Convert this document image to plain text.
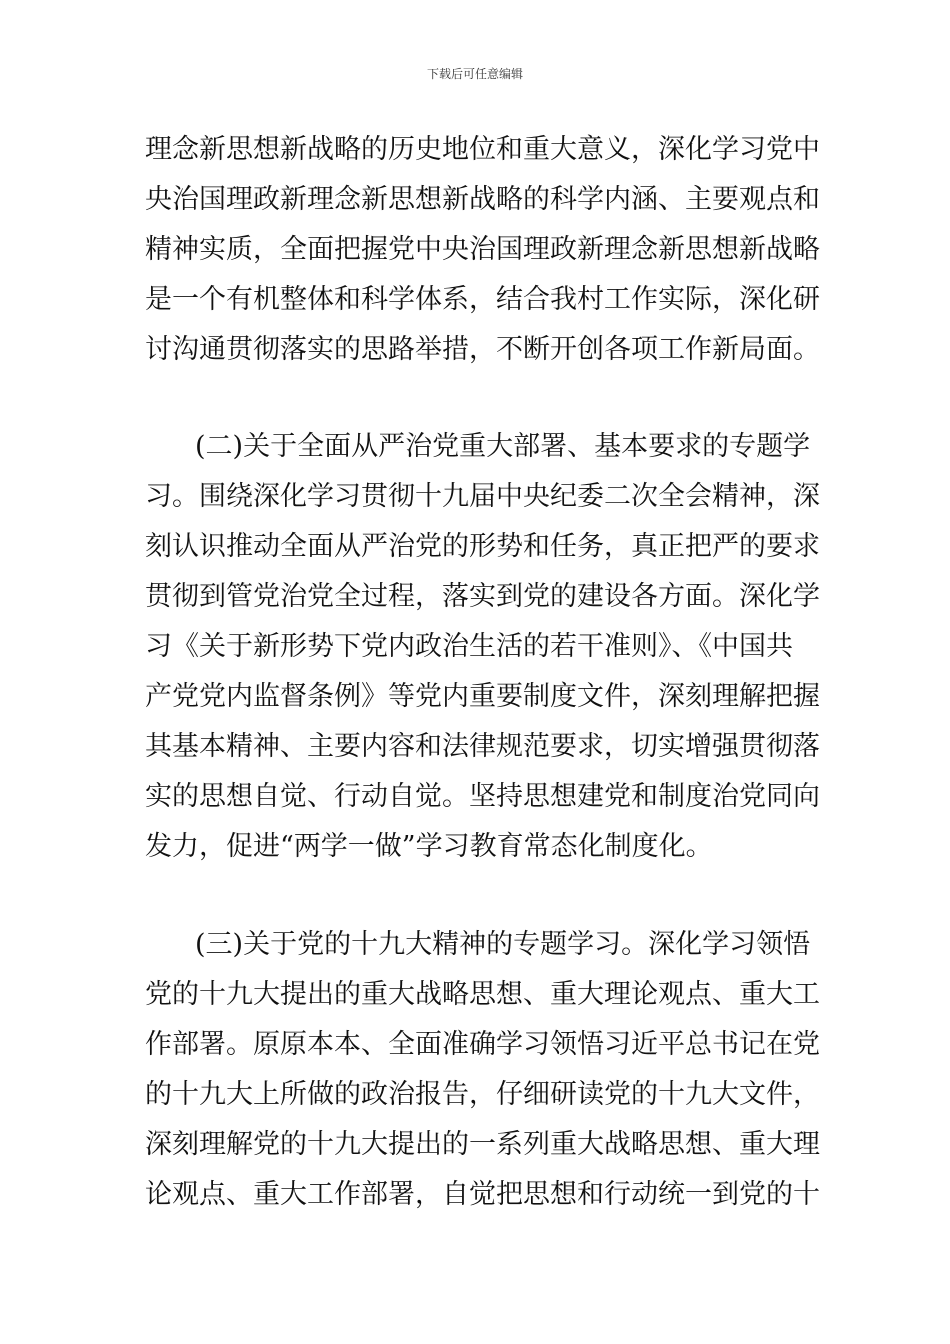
下载后可任意编辑
理念新思想新战略的历史地位和重大意义，深化学习党中
央治国理政新理念新思想新战略的科学内涵、主要观点和
精神实质，全面把握党中央治国理政新理念新思想新战略
是一个有机整体和科学体系，结合我村工作实际，深化研
讨沟通贯彻落实的思路举措，不断开创各项工作新局面。
(二)关于全面从严治党重大部署、基本要求的专题学
习。围绕深化学习贯彻十九届中央纪委二次全会精神，深
刻认识推动全面从严治党的形势和任务，真正把严的要求
贯彻到管党治党全过程，落实到党的建设各方面。深化学
习《关于新形势下党内政治生活的若干准则》、《中国共
产党党内监督条例》等党内重要制度文件，深刻理解把握
其基本精神、主要内容和法律规范要求，切实增强贯彻落
实的思想自觉、行动自觉。坚持思想建党和制度治党同向
发力，促进“两学一做”学习教育常态化制度化。
(三)关于党的十九大精神的专题学习。深化学习领悟
党的十九大提出的重大战略思想、重大理论观点、重大工
作部署。原原本本、全面准确学习领悟习近平总书记在党
的十九大上所做的政治报告，仔细研读党的十九大文件，
深刻理解党的十九大提出的一系列重大战略思想、重大理
论观点、重大工作部署，自觉把思想和行动统一到党的十
